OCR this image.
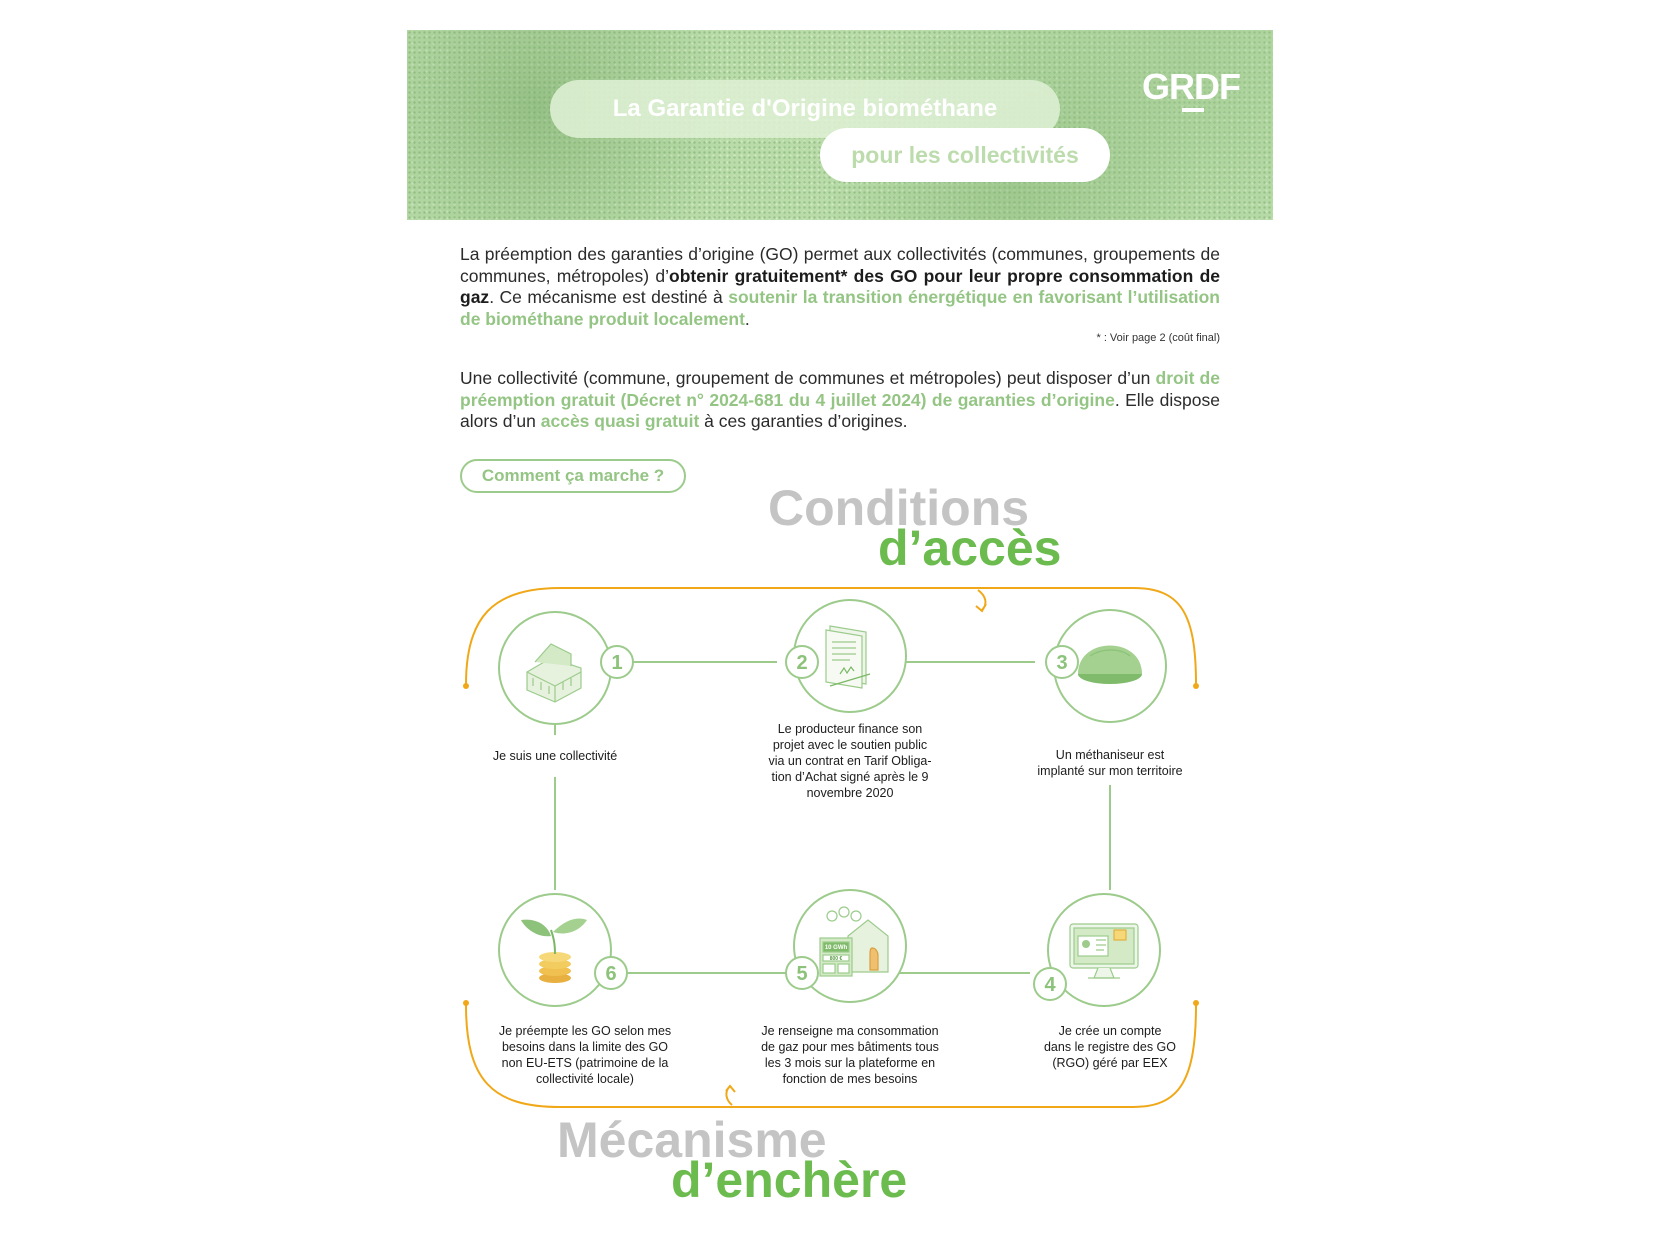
La Garantie d'Origine biométhane
pour les collectivités
GRDF

La préemption des garanties d’origine (GO) permet aux collectivités (communes, groupements de communes, métropoles) d’obtenir gratuitement* des GO pour leur propre consommation de gaz. Ce mécanisme est destiné à soutenir la transition énergétique en favorisant l’utilisation de biométhane produit localement.

* : Voir page 2 (coût final)

Une collectivité (commune, groupement de communes et métropoles) peut disposer d’un droit de préemption gratuit (Décret n° 2024-681 du 4 juillet 2024) de garanties d’origine. Elle dispose alors d’un accès quasi gratuit à ces garanties d’origines.

Comment ça marche ?
Conditions
d’accès
1	2	3
6
10 GWh
800 €
5	4
Je suis une collectivité
Le producteur finance son
projet avec le soutien public
via un contrat en Tarif Obliga-
tion d’Achat signé après le 9
novembre 2020
Un méthaniseur est
implanté sur mon territoire
Je préempte les GO selon mes
besoins dans la limite des GO
non EU-ETS (patrimoine de la
collectivité locale)
Je renseigne ma consommation
de gaz pour mes bâtiments tous
les 3 mois sur la plateforme en
fonction de mes besoins
Je crée un compte
dans le registre des GO
(RGO) géré par EEX
Mécanisme
d’enchère
